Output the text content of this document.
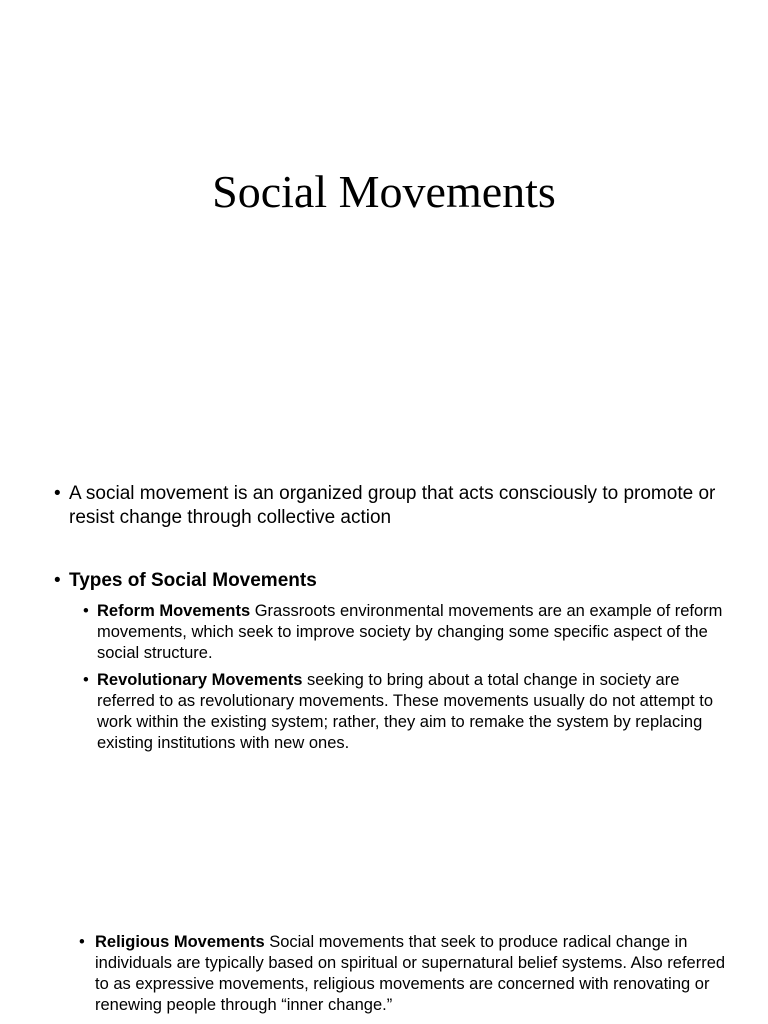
Social Movements
• A social movement is an organized group that acts consciously to promote or resist change through collective action
• Types of Social Movements
• Reform Movements Grassroots environmental movements are an example of reform movements, which seek to improve society by changing some specific aspect of the social structure.
• Revolutionary Movements seeking to bring about a total change in society are referred to as revolutionary movements. These movements usually do not attempt to work within the existing system; rather, they aim to remake the system by replacing existing institutions with new ones.
• Religious Movements Social movements that seek to produce radical change in individuals are typically based on spiritual or supernatural belief systems. Also referred to as expressive movements, religious movements are concerned with renovating or renewing people through “inner change.”
